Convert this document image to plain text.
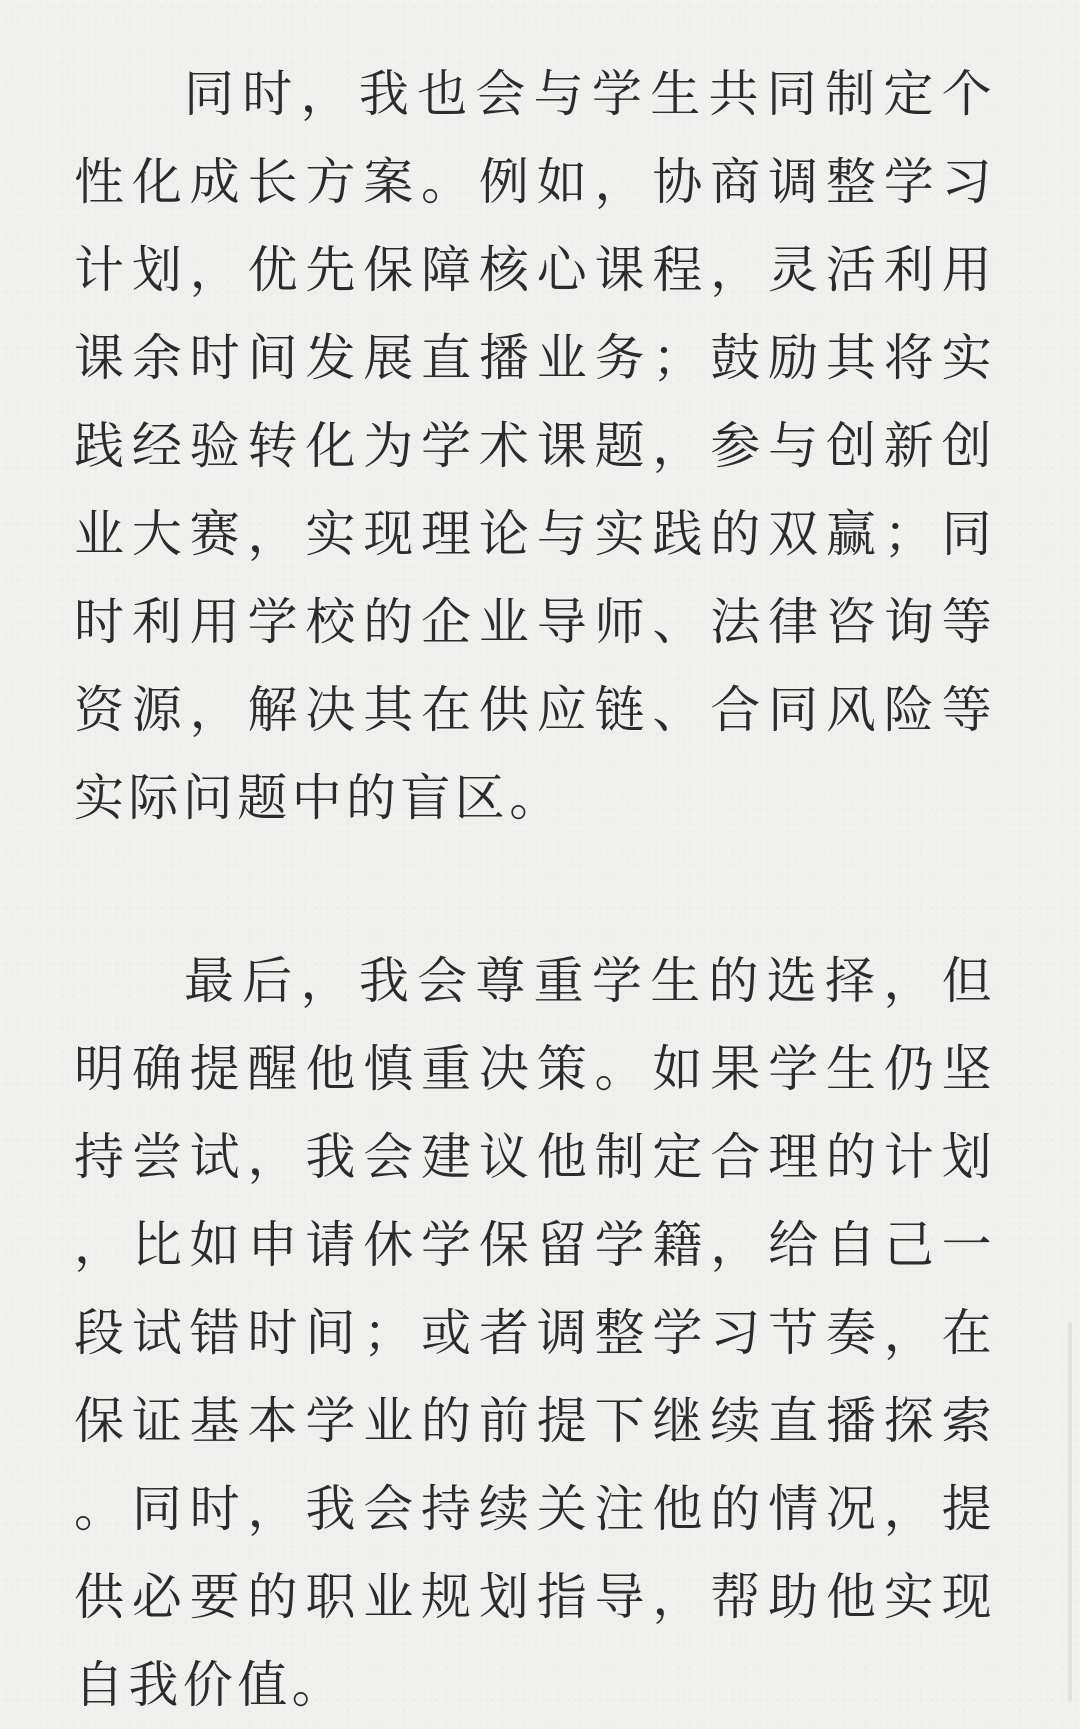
同时，我也会与学生共同制定个性化成长方案。例如，协商调整学习计划，优先保障核心课程，灵活利用课余时间发展直播业务；鼓励其将实践经验转化为学术课题，参与创新创业大赛，实现理论与实践的双赢；同时利用学校的企业导师、法律咨询等资源，解决其在供应链、合同风险等实际问题中的盲区。

最后，我会尊重学生的选择，但明确提醒他慎重决策。如果学生仍坚持尝试，我会建议他制定合理的计划，比如申请休学保留学籍，给自己一段试错时间；或者调整学习节奏，在保证基本学业的前提下继续直播探索。同时，我会持续关注他的情况，提供必要的职业规划指导，帮助他实现自我价值。
